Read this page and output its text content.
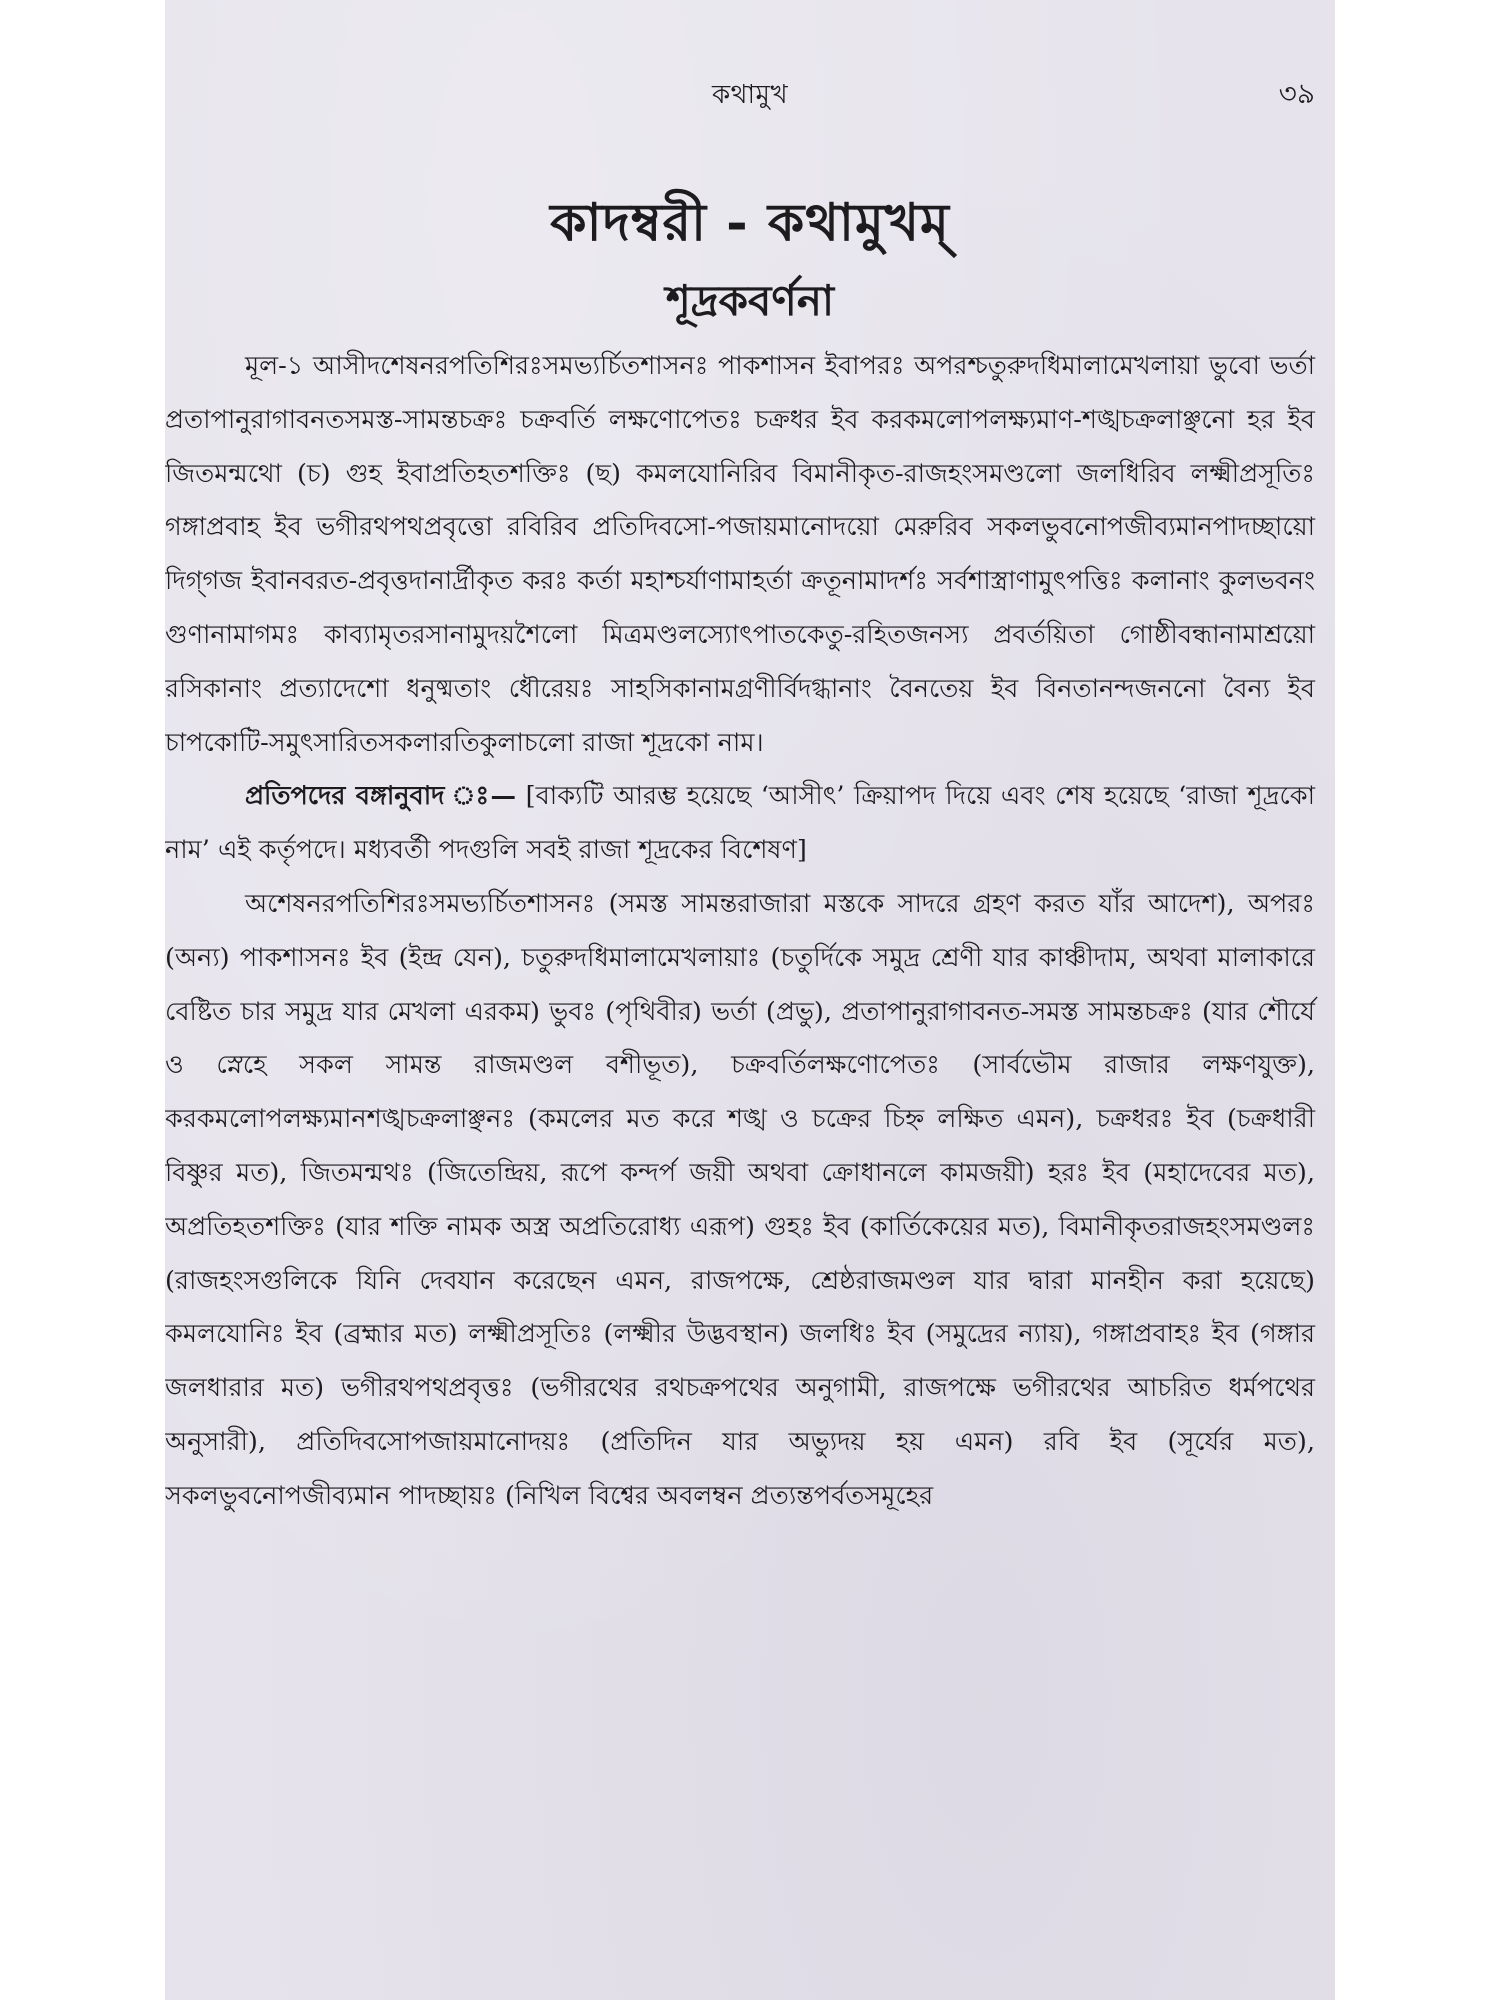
কথামুখ	৩৯
কাদম্বরী - কথামুখম্
শূদ্রকবর্ণনা

মূল-১ আসীদশেষনরপতিশিরঃসমভ্যর্চিতশাসনঃ পাকশাসন ইবাপরঃ অপরশ্চতুরুদধিমালামেখলায়া ভুবো ভর্তা প্রতাপানুরাগাবনতসমস্ত-সামন্তচক্রঃ চক্রবর্তি লক্ষণোপেতঃ চক্রধর ইব করকমলোপলক্ষ্যমাণ-শঙ্খচক্রলাঞ্ছনো হর ইব জিতমন্মথো (চ) গুহ ইবাপ্রতিহতশক্তিঃ (ছ) কমলযোনিরিব বিমানীকৃত-রাজহংসমণ্ডলো জলধিরিব লক্ষ্মীপ্রসূতিঃ গঙ্গাপ্রবাহ ইব ভগীরথপথপ্রবৃত্তো রবিরিব প্রতিদিবসো-পজায়মানোদয়ো মেরুরিব সকলভুবনোপজীব্যমানপাদচ্ছায়ো দিগ্‌গজ ইবানবরত-প্রবৃত্তদানার্দ্রীকৃত করঃ কর্তা মহাশ্চর্যাণামাহর্তা ক্রতূনামাদর্শঃ সর্বশাস্ত্রাণামুৎপত্তিঃ কলানাং কুলভবনং গুণানামাগমঃ কাব্যামৃতরসানামুদয়শৈলো মিত্রমণ্ডলস্যোৎপাতকেতু-রহিতজনস্য প্রবর্তয়িতা গোষ্ঠীবন্ধানামাশ্রয়ো রসিকানাং প্রত্যাদেশো ধনুষ্মতাং ধৌরেয়ঃ সাহসিকানামগ্রণীর্বিদগ্ধানাং বৈনতেয় ইব বিনতানন্দজননো বৈন্য ইব চাপকোটি-সমুৎসারিতসকলারতিকুলাচলো রাজা শূদ্রকো নাম।

প্রতিপদের বঙ্গানুবাদ ঃ— [বাক্যটি আরম্ভ হয়েছে ‘আসীৎ’ ক্রিয়াপদ দিয়ে এবং শেষ হয়েছে ‘রাজা শূদ্রকো নাম’ এই কর্তৃপদে। মধ্যবর্তী পদগুলি সবই রাজা শূদ্রকের বিশেষণ]

অশেষনরপতিশিরঃসমভ্যর্চিতশাসনঃ (সমস্ত সামন্তরাজারা মস্তকে সাদরে গ্রহণ করত যাঁর আদেশ), অপরঃ (অন্য) পাকশাসনঃ ইব (ইন্দ্র যেন), চতুরুদধিমালামেখলায়াঃ (চতুর্দিকে সমুদ্র শ্রেণী যার কাঞ্চীদাম, অথবা মালাকারে বেষ্টিত চার সমুদ্র যার মেখলা এরকম) ভুবঃ (পৃথিবীর) ভর্তা (প্রভু), প্রতাপানুরাগাবনত-সমস্ত সামন্তচক্রঃ (যার শৌর্যে ও স্নেহে সকল সামন্ত রাজমণ্ডল বশীভূত), চক্রবর্তিলক্ষণোপেতঃ (সার্বভৌম রাজার লক্ষণযুক্ত), করকমলোপলক্ষ্যমানশঙ্খচক্রলাঞ্ছনঃ (কমলের মত করে শঙ্খ ও চক্রের চিহ্ন লক্ষিত এমন), চক্রধরঃ ইব (চক্রধারী বিষ্ণুর মত), জিতমন্মথঃ (জিতেন্দ্রিয়, রূপে কন্দর্প জয়ী অথবা ক্রোধানলে কামজয়ী) হরঃ ইব (মহাদেবের মত), অপ্রতিহতশক্তিঃ (যার শক্তি নামক অস্ত্র অপ্রতিরোধ্য এরূপ) গুহঃ ইব (কার্তিকেয়ের মত), বিমানীকৃতরাজহংসমণ্ডলঃ (রাজহংসগুলিকে যিনি দেবযান করেছেন এমন, রাজপক্ষে, শ্রেষ্ঠরাজমণ্ডল যার দ্বারা মানহীন করা হয়েছে) কমলযোনিঃ ইব (ব্রহ্মার মত) লক্ষ্মীপ্রসূতিঃ (লক্ষ্মীর উদ্ভবস্থান) জলধিঃ ইব (সমুদ্রের ন্যায়), গঙ্গাপ্রবাহঃ ইব (গঙ্গার জলধারার মত) ভগীরথপথপ্রবৃত্তঃ (ভগীরথের রথচক্রপথের অনুগামী, রাজপক্ষে ভগীরথের আচরিত ধর্মপথের অনুসারী), প্রতিদিবসোপজায়মানোদয়ঃ (প্রতিদিন যার অভ্যুদয় হয় এমন) রবি ইব (সূর্যের মত), সকলভুবনোপজীব্যমান পাদচ্ছায়ঃ (নিখিল বিশ্বের অবলম্বন প্রত্যন্তপর্বতসমূহের
